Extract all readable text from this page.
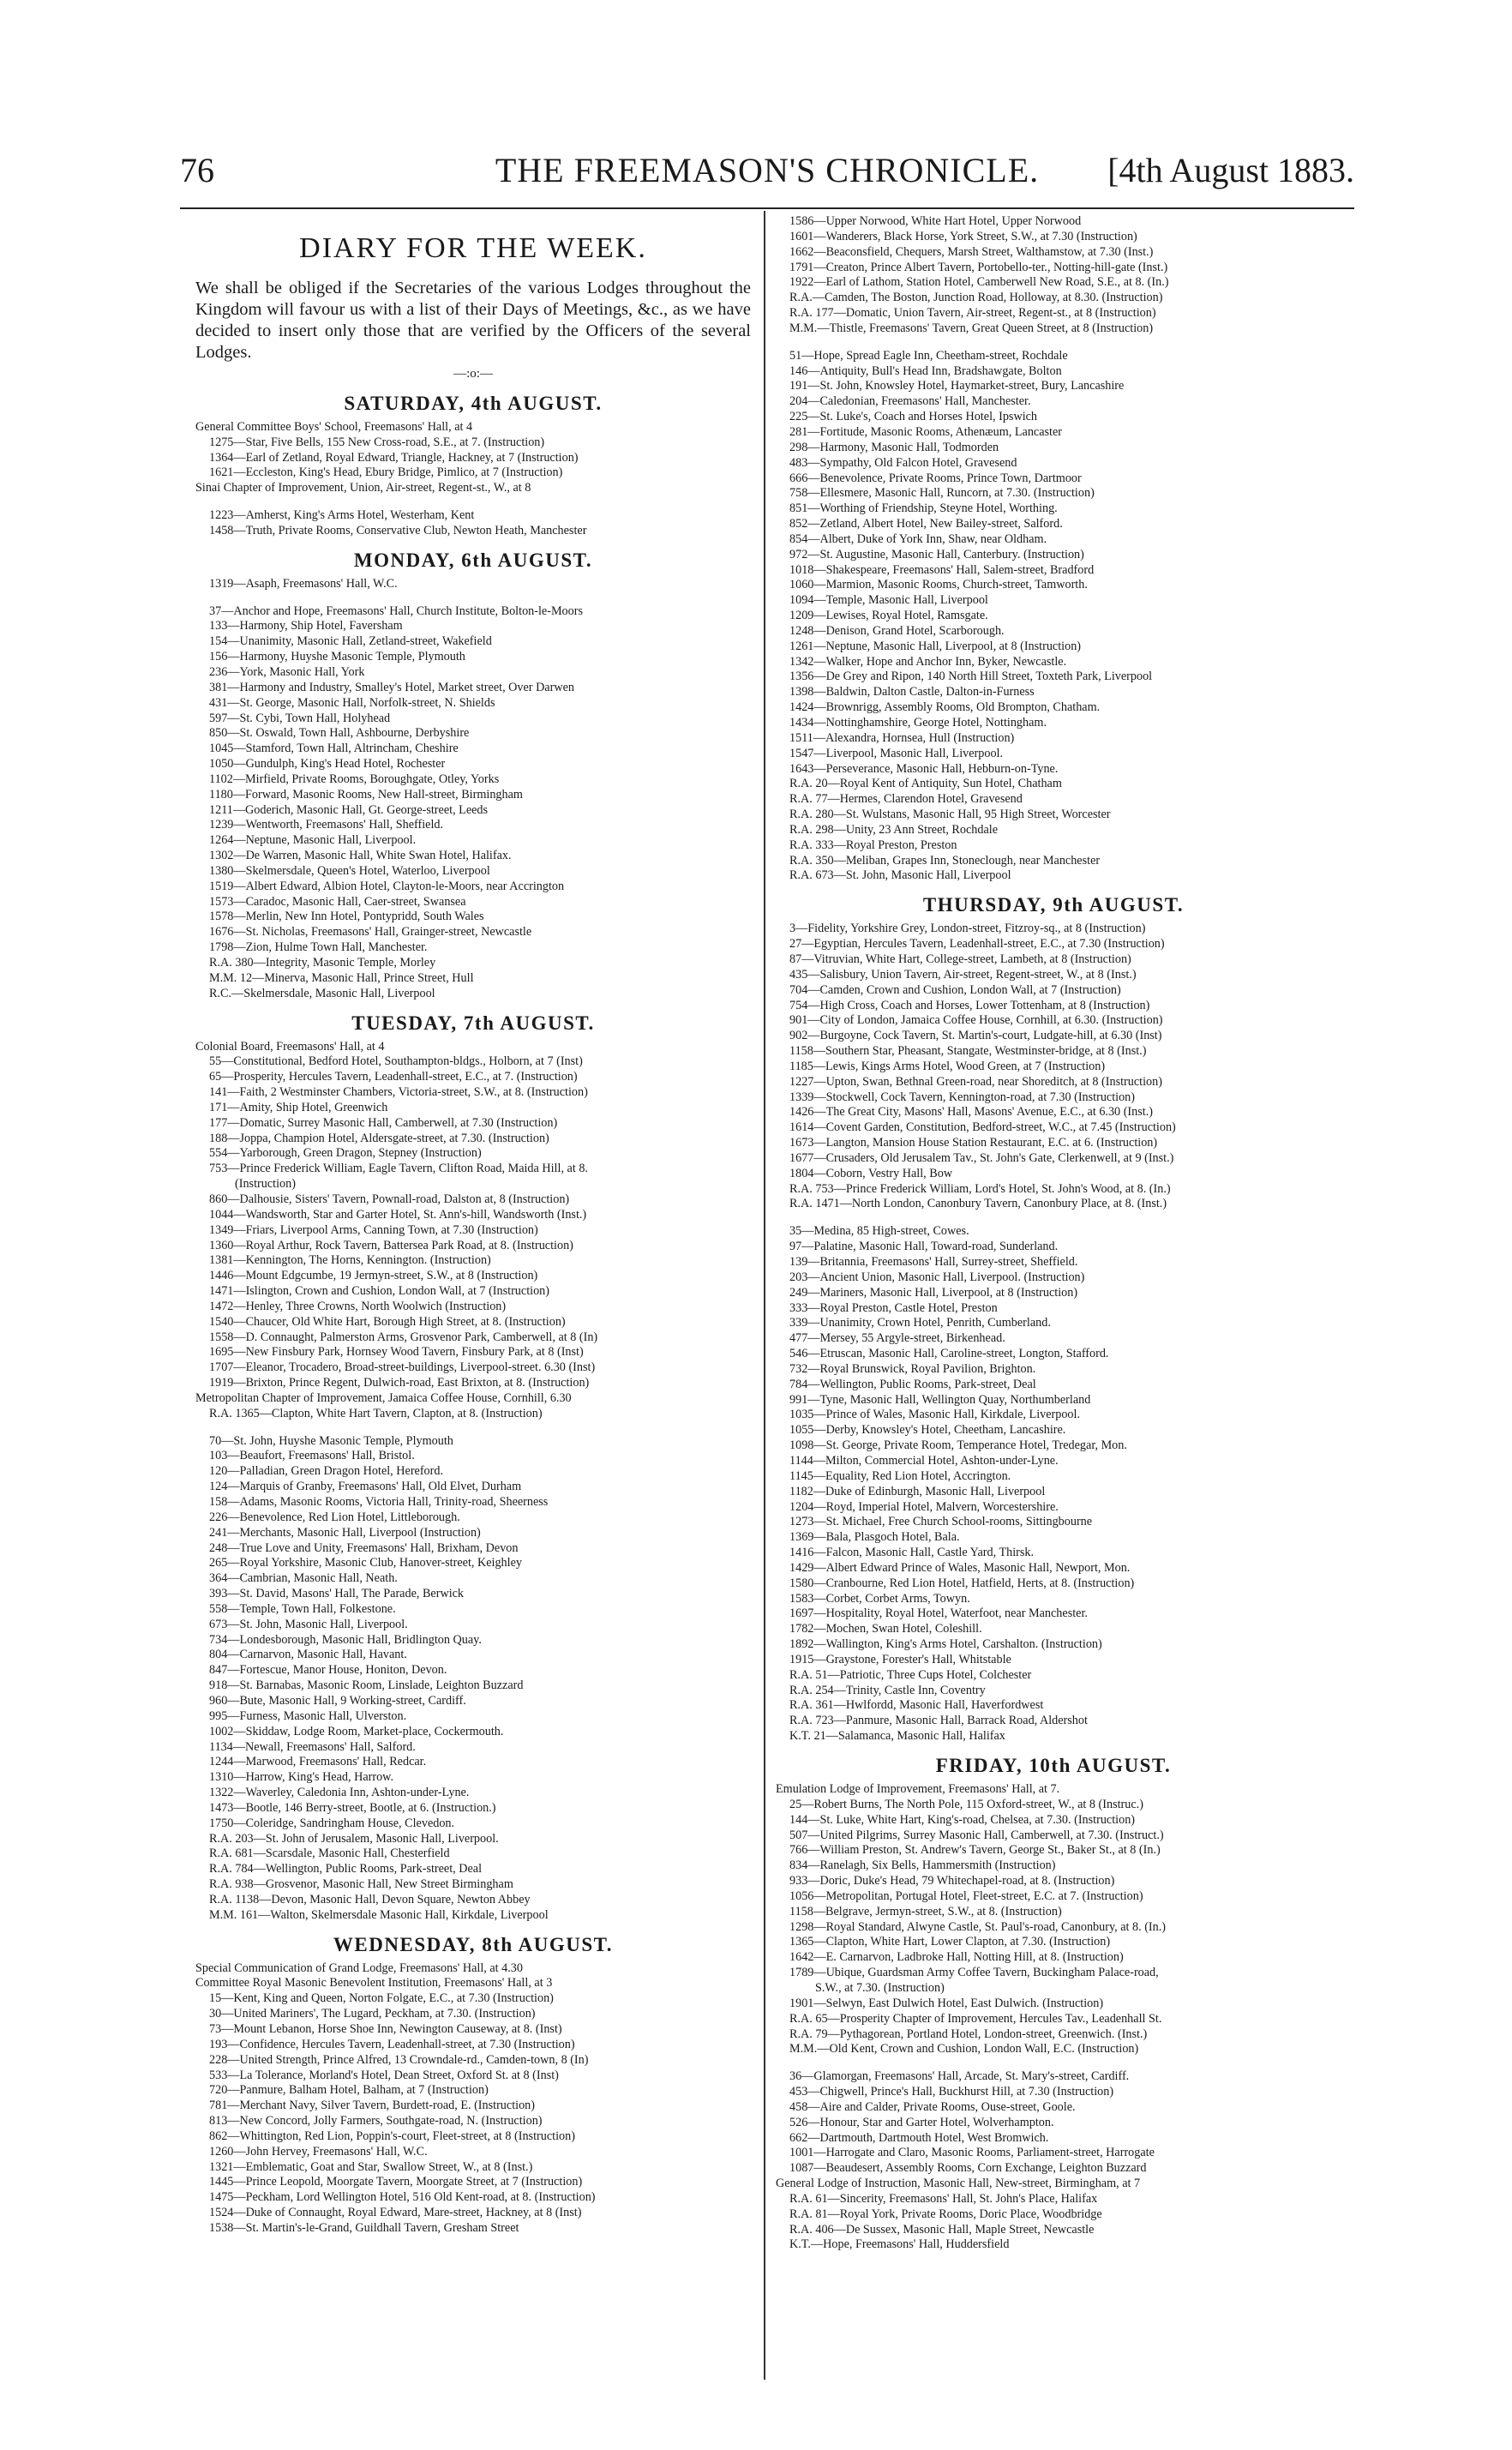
76	THE FREEMASON'S CHRONICLE.	[4th August 1883.
DIARY FOR THE WEEK.
We shall be obliged if the Secretaries of the various Lodges throughout the Kingdom will favour us with a list of their Days of Meetings, &c., as we have decided to insert only those that are verified by the Officers of the several Lodges.
—:o:—
SATURDAY, 4th AUGUST.
General Committee Boys' School, Freemasons' Hall, at 4
1275—Star, Five Bells, 155 New Cross-road, S.E., at 7. (Instruction)
1364—Earl of Zetland, Royal Edward, Triangle, Hackney, at 7 (Instruction)
1621—Eccleston, King's Head, Ebury Bridge, Pimlico, at 7 (Instruction)
Sinai Chapter of Improvement, Union, Air-street, Regent-st., W., at 8
1223—Amherst, King's Arms Hotel, Westerham, Kent
1458—Truth, Private Rooms, Conservative Club, Newton Heath, Manchester
MONDAY, 6th AUGUST.
1319—Asaph, Freemasons' Hall, W.C.
37—Anchor and Hope, Freemasons' Hall, Church Institute, Bolton-le-Moors
133—Harmony, Ship Hotel, Faversham
154—Unanimity, Masonic Hall, Zetland-street, Wakefield
156—Harmony, Huyshe Masonic Temple, Plymouth
236—York, Masonic Hall, York
381—Harmony and Industry, Smalley's Hotel, Market street, Over Darwen
431—St. George, Masonic Hall, Norfolk-street, N. Shields
597—St. Cybi, Town Hall, Holyhead
850—St. Oswald, Town Hall, Ashbourne, Derbyshire
1045—Stamford, Town Hall, Altrincham, Cheshire
1050—Gundulph, King's Head Hotel, Rochester
1102—Mirfield, Private Rooms, Boroughgate, Otley, Yorks
1180—Forward, Masonic Rooms, New Hall-street, Birmingham
1211—Goderich, Masonic Hall, Gt. George-street, Leeds
1239—Wentworth, Freemasons' Hall, Sheffield.
1264—Neptune, Masonic Hall, Liverpool.
1302—De Warren, Masonic Hall, White Swan Hotel, Halifax.
1380—Skelmersdale, Queen's Hotel, Waterloo, Liverpool
1519—Albert Edward, Albion Hotel, Clayton-le-Moors, near Accrington
1573—Caradoc, Masonic Hall, Caer-street, Swansea
1578—Merlin, New Inn Hotel, Pontypridd, South Wales
1676—St. Nicholas, Freemasons' Hall, Grainger-street, Newcastle
1798—Zion, Hulme Town Hall, Manchester.
R.A. 380—Integrity, Masonic Temple, Morley
M.M. 12—Minerva, Masonic Hall, Prince Street, Hull
R.C.—Skelmersdale, Masonic Hall, Liverpool
TUESDAY, 7th AUGUST.
Colonial Board, Freemasons' Hall, at 4
55—Constitutional, Bedford Hotel, Southampton-bldgs., Holborn, at 7 (Inst)
65—Prosperity, Hercules Tavern, Leadenhall-street, E.C., at 7. (Instruction)
141—Faith, 2 Westminster Chambers, Victoria-street, S.W., at 8. (Instruction)
171—Amity, Ship Hotel, Greenwich
177—Domatic, Surrey Masonic Hall, Camberwell, at 7.30 (Instruction)
188—Joppa, Champion Hotel, Aldersgate-street, at 7.30. (Instruction)
554—Yarborough, Green Dragon, Stepney (Instruction)
753—Prince Frederick William, Eagle Tavern, Clifton Road, Maida Hill, at 8.
(Instruction)
860—Dalhousie, Sisters' Tavern, Pownall-road, Dalston at, 8 (Instruction)
1044—Wandsworth, Star and Garter Hotel, St. Ann's-hill, Wandsworth (Inst.)
1349—Friars, Liverpool Arms, Canning Town, at 7.30 (Instruction)
1360—Royal Arthur, Rock Tavern, Battersea Park Road, at 8. (Instruction)
1381—Kennington, The Horns, Kennington. (Instruction)
1446—Mount Edgcumbe, 19 Jermyn-street, S.W., at 8 (Instruction)
1471—Islington, Crown and Cushion, London Wall, at 7 (Instruction)
1472—Henley, Three Crowns, North Woolwich (Instruction)
1540—Chaucer, Old White Hart, Borough High Street, at 8. (Instruction)
1558—D. Connaught, Palmerston Arms, Grosvenor Park, Camberwell, at 8 (In)
1695—New Finsbury Park, Hornsey Wood Tavern, Finsbury Park, at 8 (Inst)
1707—Eleanor, Trocadero, Broad-street-buildings, Liverpool-street. 6.30 (Inst)
1919—Brixton, Prince Regent, Dulwich-road, East Brixton, at 8. (Instruction)
Metropolitan Chapter of Improvement, Jamaica Coffee House, Cornhill, 6.30
R.A. 1365—Clapton, White Hart Tavern, Clapton, at 8. (Instruction)
70—St. John, Huyshe Masonic Temple, Plymouth
103—Beaufort, Freemasons' Hall, Bristol.
120—Palladian, Green Dragon Hotel, Hereford.
124—Marquis of Granby, Freemasons' Hall, Old Elvet, Durham
158—Adams, Masonic Rooms, Victoria Hall, Trinity-road, Sheerness
226—Benevolence, Red Lion Hotel, Littleborough.
241—Merchants, Masonic Hall, Liverpool (Instruction)
248—True Love and Unity, Freemasons' Hall, Brixham, Devon
265—Royal Yorkshire, Masonic Club, Hanover-street, Keighley
364—Cambrian, Masonic Hall, Neath.
393—St. David, Masons' Hall, The Parade, Berwick
558—Temple, Town Hall, Folkestone.
673—St. John, Masonic Hall, Liverpool.
734—Londesborough, Masonic Hall, Bridlington Quay.
804—Carnarvon, Masonic Hall, Havant.
847—Fortescue, Manor House, Honiton, Devon.
918—St. Barnabas, Masonic Room, Linslade, Leighton Buzzard
960—Bute, Masonic Hall, 9 Working-street, Cardiff.
995—Furness, Masonic Hall, Ulverston.
1002—Skiddaw, Lodge Room, Market-place, Cockermouth.
1134—Newall, Freemasons' Hall, Salford.
1244—Marwood, Freemasons' Hall, Redcar.
1310—Harrow, King's Head, Harrow.
1322—Waverley, Caledonia Inn, Ashton-under-Lyne.
1473—Bootle, 146 Berry-street, Bootle, at 6. (Instruction.)
1750—Coleridge, Sandringham House, Clevedon.
R.A. 203—St. John of Jerusalem, Masonic Hall, Liverpool.
R.A. 681—Scarsdale, Masonic Hall, Chesterfield
R.A. 784—Wellington, Public Rooms, Park-street, Deal
R.A. 938—Grosvenor, Masonic Hall, New Street Birmingham
R.A. 1138—Devon, Masonic Hall, Devon Square, Newton Abbey
M.M. 161—Walton, Skelmersdale Masonic Hall, Kirkdale, Liverpool
WEDNESDAY, 8th AUGUST.
Special Communication of Grand Lodge, Freemasons' Hall, at 4.30
Committee Royal Masonic Benevolent Institution, Freemasons' Hall, at 3
15—Kent, King and Queen, Norton Folgate, E.C., at 7.30 (Instruction)
30—United Mariners', The Lugard, Peckham, at 7.30. (Instruction)
73—Mount Lebanon, Horse Shoe Inn, Newington Causeway, at 8. (Inst)
193—Confidence, Hercules Tavern, Leadenhall-street, at 7.30 (Instruction)
228—United Strength, Prince Alfred, 13 Crowndale-rd., Camden-town, 8 (In)
533—La Tolerance, Morland's Hotel, Dean Street, Oxford St. at 8 (Inst)
720—Panmure, Balham Hotel, Balham, at 7 (Instruction)
781—Merchant Navy, Silver Tavern, Burdett-road, E. (Instruction)
813—New Concord, Jolly Farmers, Southgate-road, N. (Instruction)
862—Whittington, Red Lion, Poppin's-court, Fleet-street, at 8 (Instruction)
1260—John Hervey, Freemasons' Hall, W.C.
1321—Emblematic, Goat and Star, Swallow Street, W., at 8 (Inst.)
1445—Prince Leopold, Moorgate Tavern, Moorgate Street, at 7 (Instruction)
1475—Peckham, Lord Wellington Hotel, 516 Old Kent-road, at 8. (Instruction)
1524—Duke of Connaught, Royal Edward, Mare-street, Hackney, at 8 (Inst)
1538—St. Martin's-le-Grand, Guildhall Tavern, Gresham Street
1586—Upper Norwood, White Hart Hotel, Upper Norwood
1601—Wanderers, Black Horse, York Street, S.W., at 7.30 (Instruction)
1662—Beaconsfield, Chequers, Marsh Street, Walthamstow, at 7.30 (Inst.)
1791—Creaton, Prince Albert Tavern, Portobello-ter., Notting-hill-gate (Inst.)
1922—Earl of Lathom, Station Hotel, Camberwell New Road, S.E., at 8. (In.)
R.A.—Camden, The Boston, Junction Road, Holloway, at 8.30. (Instruction)
R.A. 177—Domatic, Union Tavern, Air-street, Regent-st., at 8 (Instruction)
M.M.—Thistle, Freemasons' Tavern, Great Queen Street, at 8 (Instruction)
51—Hope, Spread Eagle Inn, Cheetham-street, Rochdale
146—Antiquity, Bull's Head Inn, Bradshawgate, Bolton
191—St. John, Knowsley Hotel, Haymarket-street, Bury, Lancashire
204—Caledonian, Freemasons' Hall, Manchester.
225—St. Luke's, Coach and Horses Hotel, Ipswich
281—Fortitude, Masonic Rooms, Athenæum, Lancaster
298—Harmony, Masonic Hall, Todmorden
483—Sympathy, Old Falcon Hotel, Gravesend
666—Benevolence, Private Rooms, Prince Town, Dartmoor
758—Ellesmere, Masonic Hall, Runcorn, at 7.30. (Instruction)
851—Worthing of Friendship, Steyne Hotel, Worthing.
852—Zetland, Albert Hotel, New Bailey-street, Salford.
854—Albert, Duke of York Inn, Shaw, near Oldham.
972—St. Augustine, Masonic Hall, Canterbury. (Instruction)
1018—Shakespeare, Freemasons' Hall, Salem-street, Bradford
1060—Marmion, Masonic Rooms, Church-street, Tamworth.
1094—Temple, Masonic Hall, Liverpool
1209—Lewises, Royal Hotel, Ramsgate.
1248—Denison, Grand Hotel, Scarborough.
1261—Neptune, Masonic Hall, Liverpool, at 8 (Instruction)
1342—Walker, Hope and Anchor Inn, Byker, Newcastle.
1356—De Grey and Ripon, 140 North Hill Street, Toxteth Park, Liverpool
1398—Baldwin, Dalton Castle, Dalton-in-Furness
1424—Brownrigg, Assembly Rooms, Old Brompton, Chatham.
1434—Nottinghamshire, George Hotel, Nottingham.
1511—Alexandra, Hornsea, Hull (Instruction)
1547—Liverpool, Masonic Hall, Liverpool.
1643—Perseverance, Masonic Hall, Hebburn-on-Tyne.
R.A. 20—Royal Kent of Antiquity, Sun Hotel, Chatham
R.A. 77—Hermes, Clarendon Hotel, Gravesend
R.A. 280—St. Wulstans, Masonic Hall, 95 High Street, Worcester
R.A. 298—Unity, 23 Ann Street, Rochdale
R.A. 333—Royal Preston, Preston
R.A. 350—Meliban, Grapes Inn, Stoneclough, near Manchester
R.A. 673—St. John, Masonic Hall, Liverpool
THURSDAY, 9th AUGUST.
3—Fidelity, Yorkshire Grey, London-street, Fitzroy-sq., at 8 (Instruction)
27—Egyptian, Hercules Tavern, Leadenhall-street, E.C., at 7.30 (Instruction)
87—Vitruvian, White Hart, College-street, Lambeth, at 8 (Instruction)
435—Salisbury, Union Tavern, Air-street, Regent-street, W., at 8 (Inst.)
704—Camden, Crown and Cushion, London Wall, at 7 (Instruction)
754—High Cross, Coach and Horses, Lower Tottenham, at 8 (Instruction)
901—City of London, Jamaica Coffee House, Cornhill, at 6.30. (Instruction)
902—Burgoyne, Cock Tavern, St. Martin's-court, Ludgate-hill, at 6.30 (Inst)
1158—Southern Star, Pheasant, Stangate, Westminster-bridge, at 8 (Inst.)
1185—Lewis, Kings Arms Hotel, Wood Green, at 7 (Instruction)
1227—Upton, Swan, Bethnal Green-road, near Shoreditch, at 8 (Instruction)
1339—Stockwell, Cock Tavern, Kennington-road, at 7.30 (Instruction)
1426—The Great City, Masons' Hall, Masons' Avenue, E.C., at 6.30 (Inst.)
1614—Covent Garden, Constitution, Bedford-street, W.C., at 7.45 (Instruction)
1673—Langton, Mansion House Station Restaurant, E.C. at 6. (Instruction)
1677—Crusaders, Old Jerusalem Tav., St. John's Gate, Clerkenwell, at 9 (Inst.)
1804—Coborn, Vestry Hall, Bow
R.A. 753—Prince Frederick William, Lord's Hotel, St. John's Wood, at 8. (In.)
R.A. 1471—North London, Canonbury Tavern, Canonbury Place, at 8. (Inst.)
35—Medina, 85 High-street, Cowes.
97—Palatine, Masonic Hall, Toward-road, Sunderland.
139—Britannia, Freemasons' Hall, Surrey-street, Sheffield.
203—Ancient Union, Masonic Hall, Liverpool. (Instruction)
249—Mariners, Masonic Hall, Liverpool, at 8 (Instruction)
333—Royal Preston, Castle Hotel, Preston
339—Unanimity, Crown Hotel, Penrith, Cumberland.
477—Mersey, 55 Argyle-street, Birkenhead.
546—Etruscan, Masonic Hall, Caroline-street, Longton, Stafford.
732—Royal Brunswick, Royal Pavilion, Brighton.
784—Wellington, Public Rooms, Park-street, Deal
991—Tyne, Masonic Hall, Wellington Quay, Northumberland
1035—Prince of Wales, Masonic Hall, Kirkdale, Liverpool.
1055—Derby, Knowsley's Hotel, Cheetham, Lancashire.
1098—St. George, Private Room, Temperance Hotel, Tredegar, Mon.
1144—Milton, Commercial Hotel, Ashton-under-Lyne.
1145—Equality, Red Lion Hotel, Accrington.
1182—Duke of Edinburgh, Masonic Hall, Liverpool
1204—Royd, Imperial Hotel, Malvern, Worcestershire.
1273—St. Michael, Free Church School-rooms, Sittingbourne
1369—Bala, Plasgoch Hotel, Bala.
1416—Falcon, Masonic Hall, Castle Yard, Thirsk.
1429—Albert Edward Prince of Wales, Masonic Hall, Newport, Mon.
1580—Cranbourne, Red Lion Hotel, Hatfield, Herts, at 8. (Instruction)
1583—Corbet, Corbet Arms, Towyn.
1697—Hospitality, Royal Hotel, Waterfoot, near Manchester.
1782—Mochen, Swan Hotel, Coleshill.
1892—Wallington, King's Arms Hotel, Carshalton. (Instruction)
1915—Graystone, Forester's Hall, Whitstable
R.A. 51—Patriotic, Three Cups Hotel, Colchester
R.A. 254—Trinity, Castle Inn, Coventry
R.A. 361—Hwlfordd, Masonic Hall, Haverfordwest
R.A. 723—Panmure, Masonic Hall, Barrack Road, Aldershot
K.T. 21—Salamanca, Masonic Hall, Halifax
FRIDAY, 10th AUGUST.
Emulation Lodge of Improvement, Freemasons' Hall, at 7.
25—Robert Burns, The North Pole, 115 Oxford-street, W., at 8 (Instruc.)
144—St. Luke, White Hart, King's-road, Chelsea, at 7.30. (Instruction)
507—United Pilgrims, Surrey Masonic Hall, Camberwell, at 7.30. (Instruct.)
766—William Preston, St. Andrew's Tavern, George St., Baker St., at 8 (In.)
834—Ranelagh, Six Bells, Hammersmith (Instruction)
933—Doric, Duke's Head, 79 Whitechapel-road, at 8. (Instruction)
1056—Metropolitan, Portugal Hotel, Fleet-street, E.C. at 7. (Instruction)
1158—Belgrave, Jermyn-street, S.W., at 8. (Instruction)
1298—Royal Standard, Alwyne Castle, St. Paul's-road, Canonbury, at 8. (In.)
1365—Clapton, White Hart, Lower Clapton, at 7.30. (Instruction)
1642—E. Carnarvon, Ladbroke Hall, Notting Hill, at 8. (Instruction)
1789—Ubique, Guardsman Army Coffee Tavern, Buckingham Palace-road,
S.W., at 7.30. (Instruction)
1901—Selwyn, East Dulwich Hotel, East Dulwich. (Instruction)
R.A. 65—Prosperity Chapter of Improvement, Hercules Tav., Leadenhall St.
R.A. 79—Pythagorean, Portland Hotel, London-street, Greenwich. (Inst.)
M.M.—Old Kent, Crown and Cushion, London Wall, E.C. (Instruction)
36—Glamorgan, Freemasons' Hall, Arcade, St. Mary's-street, Cardiff.
453—Chigwell, Prince's Hall, Buckhurst Hill, at 7.30 (Instruction)
458—Aire and Calder, Private Rooms, Ouse-street, Goole.
526—Honour, Star and Garter Hotel, Wolverhampton.
662—Dartmouth, Dartmouth Hotel, West Bromwich.
1001—Harrogate and Claro, Masonic Rooms, Parliament-street, Harrogate
1087—Beaudesert, Assembly Rooms, Corn Exchange, Leighton Buzzard
General Lodge of Instruction, Masonic Hall, New-street, Birmingham, at 7
R.A. 61—Sincerity, Freemasons' Hall, St. John's Place, Halifax
R.A. 81—Royal York, Private Rooms, Doric Place, Woodbridge
R.A. 406—De Sussex, Masonic Hall, Maple Street, Newcastle
K.T.—Hope, Freemasons' Hall, Huddersfield
